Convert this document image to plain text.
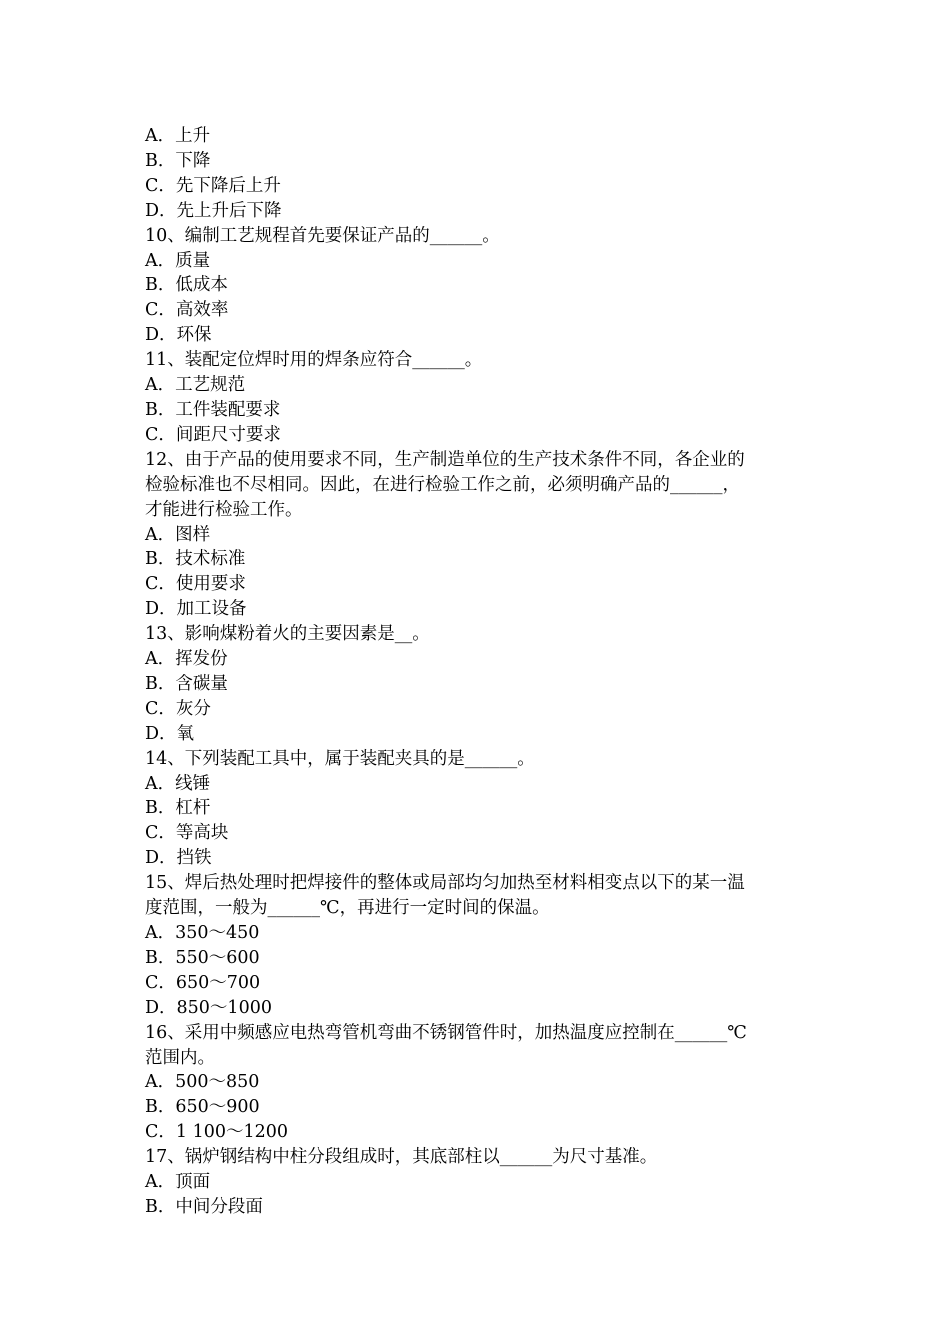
A．上升
B．下降
C．先下降后上升
D．先上升后下降
10、编制工艺规程首先要保证产品的______。
A．质量
B．低成本
C．高效率
D．环保
11、装配定位焊时用的焊条应符合______。
A．工艺规范
B．工件装配要求
C．间距尺寸要求
12、由于产品的使用要求不同，生产制造单位的生产技术条件不同，各企业的
检验标准也不尽相同。因此，在进行检验工作之前，必须明确产品的______，
才能进行检验工作。
A．图样
B．技术标准
C．使用要求
D．加工设备
13、影响煤粉着火的主要因素是__。
A．挥发份
B．含碳量
C．灰分
D．氧
14、下列装配工具中，属于装配夹具的是______。
A．线锤
B．杠杆
C．等高块
D．挡铁
15、焊后热处理时把焊接件的整体或局部均匀加热至材料相变点以下的某一温
度范围，一般为______℃，再进行一定时间的保温。
A．350～450
B．550～600
C．650～700
D．850～1000
16、采用中频感应电热弯管机弯曲不锈钢管件时，加热温度应控制在______℃
范围内。
A．500～850
B．650～900
C．1 100～1200
17、锅炉钢结构中柱分段组成时，其底部柱以______为尺寸基准。
A．顶面
B．中间分段面
